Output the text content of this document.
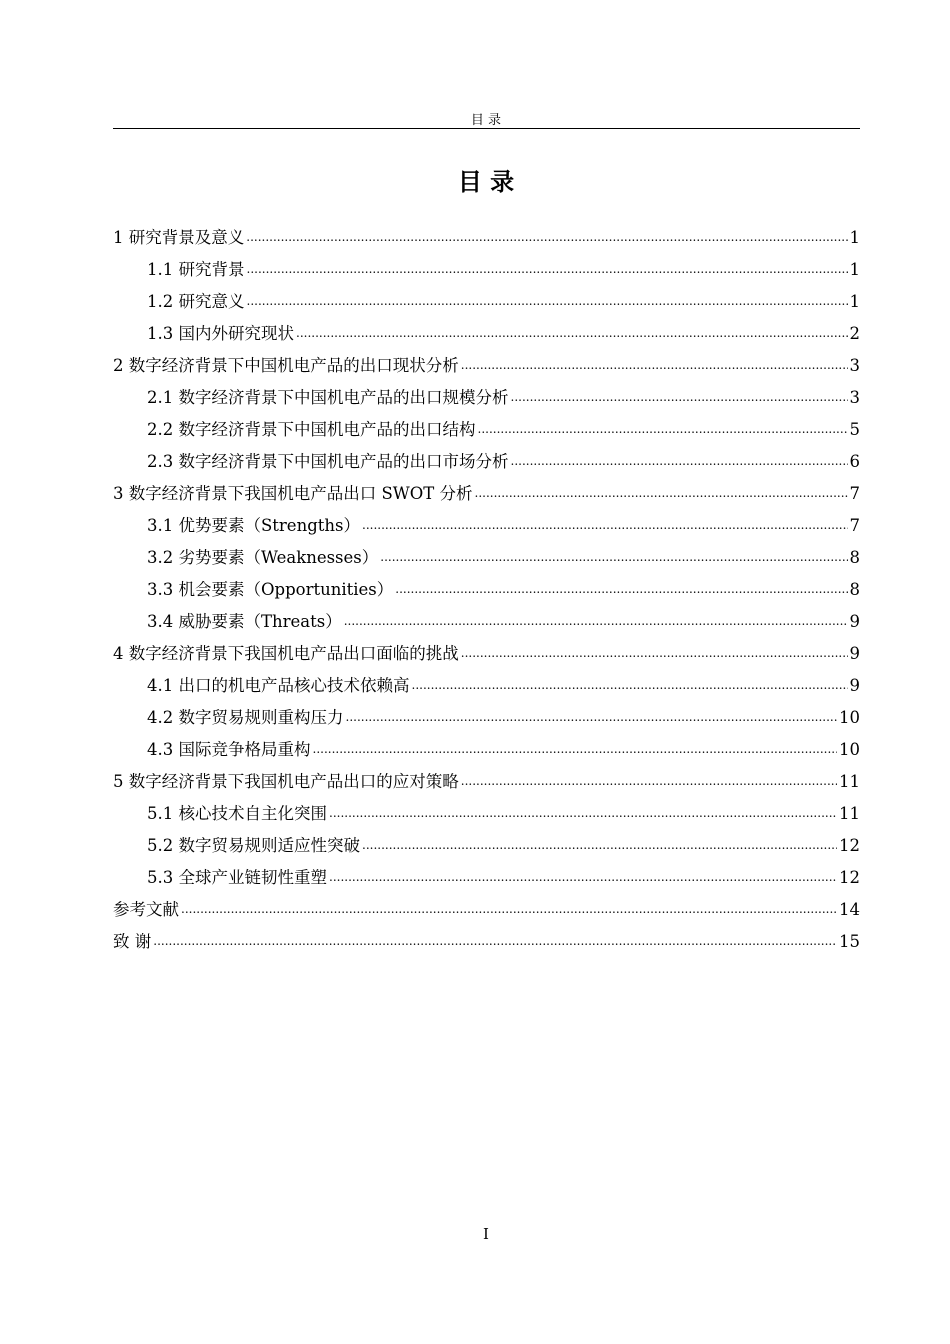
目 录
目 录
1 研究背景及意义 .....	1
1.1 研究背景 .....	1
1.2 研究意义 .....	1
1.3 国内外研究现状 .....	2
2 数字经济背景下中国机电产品的出口现状分析 .....	3
2.1 数字经济背景下中国机电产品的出口规模分析 .....	3
2.2 数字经济背景下中国机电产品的出口结构 .....	5
2.3 数字经济背景下中国机电产品的出口市场分析 .....	6
3 数字经济背景下我国机电产品出口 SWOT 分析 .....	7
3.1 优势要素（Strengths） .....	7
3.2 劣势要素（Weaknesses） .....	8
3.3 机会要素（Opportunities） .....	8
3.4 威胁要素（Threats） .....	9
4 数字经济背景下我国机电产品出口面临的挑战 .....	9
4.1 出口的机电产品核心技术依赖高 .....	9
4.2 数字贸易规则重构压力 .....	10
4.3 国际竞争格局重构 .....	10
5 数字经济背景下我国机电产品出口的应对策略 .....	11
5.1 核心技术自主化突围 .....	11
5.2 数字贸易规则适应性突破 .....	12
5.3 全球产业链韧性重塑 .....	12
参考文献 .....	14
致 谢 .....	15
I
